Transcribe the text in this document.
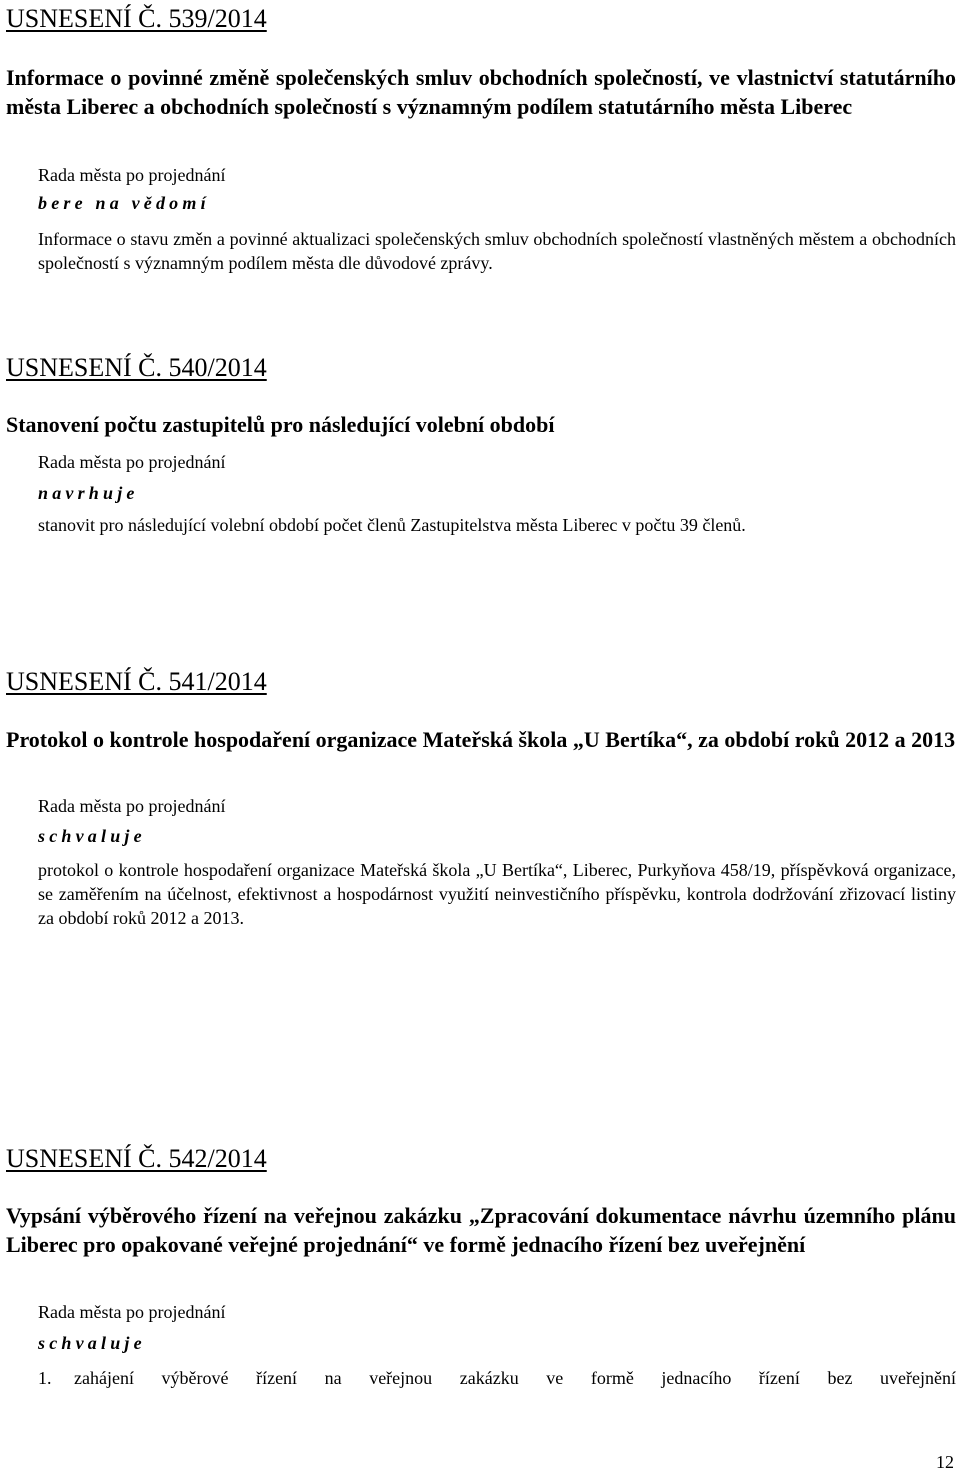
USNESENÍ Č. 539/2014
Informace o povinné změně společenských smluv obchodních společností, ve vlastnictví statutárního města Liberec a obchodních společností s významným podílem statutárního města Liberec
Rada města po projednání
bere na vědomí
Informace o stavu změn a povinné aktualizaci společenských smluv obchodních společností vlastněných městem a obchodních společností s významným podílem města dle důvodové zprávy.
USNESENÍ Č. 540/2014
Stanovení počtu zastupitelů pro následující volební období
Rada města po projednání
navrhuje
stanovit pro následující volební období počet členů Zastupitelstva města Liberec v počtu 39 členů.
USNESENÍ Č. 541/2014
Protokol o kontrole hospodaření organizace Mateřská škola „U Bertíka“, za období roků 2012 a 2013
Rada města po projednání
schvaluje
protokol o kontrole hospodaření organizace Mateřská škola „U Bertíka“, Liberec, Purkyňova 458/19, příspěvková organizace, se zaměřením na účelnost, efektivnost a hospodárnost využití neinvestičního příspěvku, kontrola dodržování zřizovací listiny za období roků 2012 a 2013.
USNESENÍ Č. 542/2014
Vypsání výběrového řízení na veřejnou zakázku „Zpracování dokumentace návrhu územního plánu Liberec pro opakované veřejné projednání“ ve formě jednacího řízení bez uveřejnění
Rada města po projednání
schvaluje
1.	zahájení výběrové řízení na veřejnou zakázku ve formě jednacího řízení bez uveřejnění
12
